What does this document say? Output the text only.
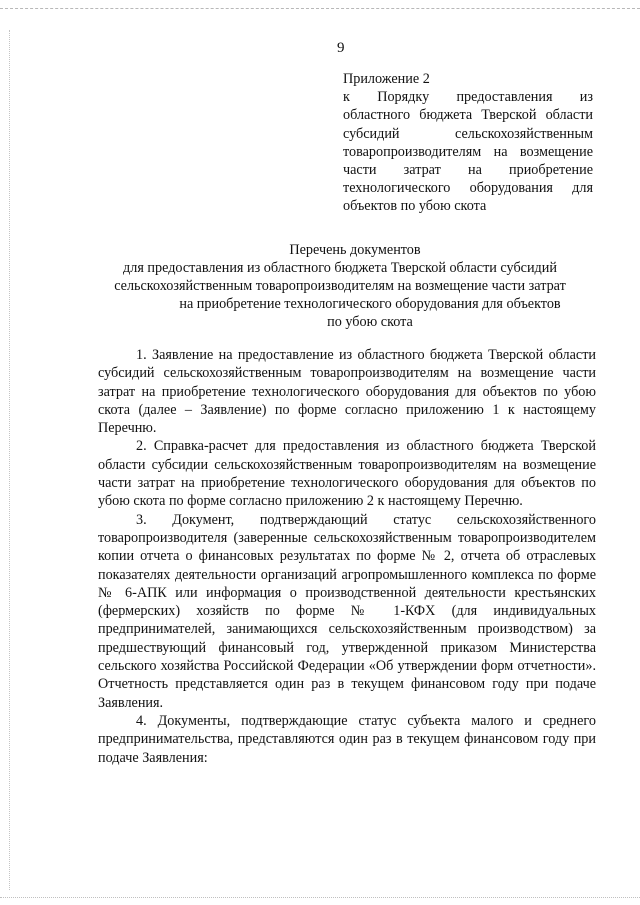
9
Приложение 2
к Порядку предоставления из
областного бюджета Тверской области
субсидий сельскохозяйственным
товаропроизводителям на возмещение
части затрат на приобретение
технологического оборудования для
объектов по убою скота
Перечень документов
для предоставления из областного бюджета Тверской области субсидий
сельскохозяйственным товаропроизводителям на возмещение части затрат
на приобретение технологического оборудования для объектов
по убою скота

1. Заявление на предоставление из областного бюджета Тверской области субсидий сельскохозяйственным товаропроизводителям на возмещение части затрат на приобретение технологического оборудования для объектов по убою скота (далее – Заявление) по форме согласно приложению 1 к настоящему Перечню.

2. Справка-расчет для предоставления из областного бюджета Тверской области субсидии сельскохозяйственным товаропроизводителям на возмещение части затрат на приобретение технологического оборудования для объектов по убою скота по форме согласно приложению 2 к настоящему Перечню.

3. Документ, подтверждающий статус сельскохозяйственного товаропроизводителя (заверенные сельскохозяйственным товаропроизводителем копии отчета о финансовых результатах по форме № 2, отчета об отраслевых показателях деятельности организаций агропромышленного комплекса по форме № 6-АПК или информация о производственной деятельности крестьянских (фермерских) хозяйств по форме № 1-КФХ (для индивидуальных предпринимателей, занимающихся сельскохозяйственным производством) за предшествующий финансовый год, утвержденной приказом Министерства сельского хозяйства Российской Федерации «Об утверждении форм отчетности». Отчетность представляется один раз в текущем финансовом году при подаче Заявления.

4. Документы, подтверждающие статус субъекта малого и среднего предпринимательства, представляются один раз в текущем финансовом году при подаче Заявления:
